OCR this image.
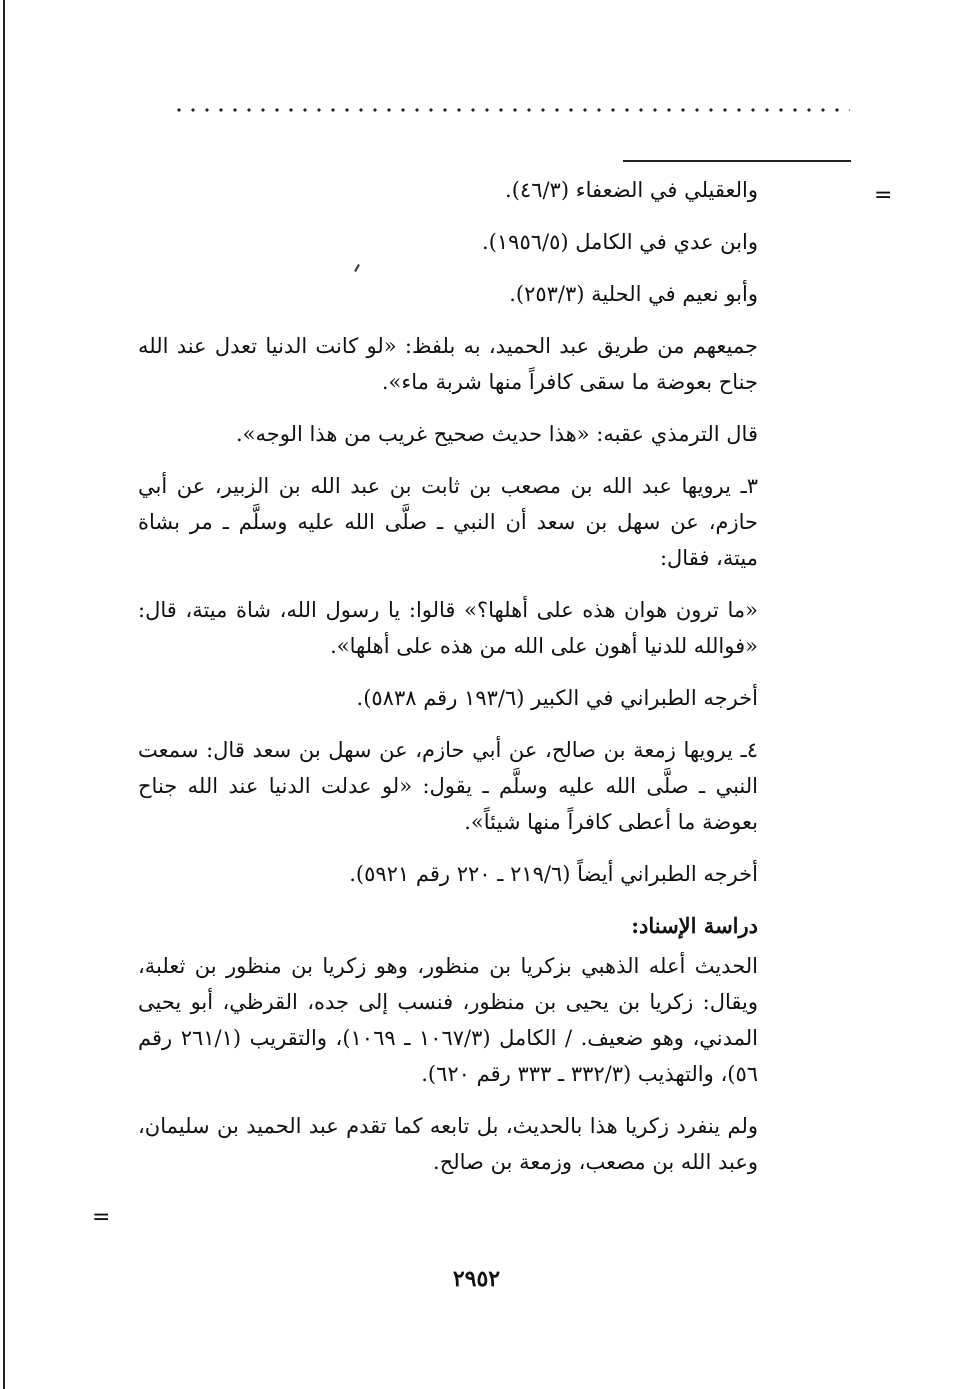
=

والعقيلي في الضعفاء (٤٦/٣).

وابن عدي في الكامل (١٩٥٦/٥).

وأبو نعيم في الحلية (٢٥٣/٣).

جميعهم من طريق عبد الحميد، به بلفظ: «لو كانت الدنيا تعدل عند الله جناح بعوضة ما سقى كافراً منها شربة ماء».

قال الترمذي عقبه: «هذا حديث صحيح غريب من هذا الوجه».

٣ـ يرويها عبد الله بن مصعب بن ثابت بن عبد الله بن الزبير، عن أبي حازم، عن سهل بن سعد أن النبي ـ صلَّى الله عليه وسلَّم ـ مر بشاة ميتة، فقال:

«ما ترون هوان هذه على أهلها؟» قالوا: يا رسول الله، شاة ميتة، قال: «فوالله للدنيا أهون على الله من هذه على أهلها».

أخرجه الطبراني في الكبير (١٩٣/٦ رقم ٥٨٣٨).

٤ـ يرويها زمعة بن صالح، عن أبي حازم، عن سهل بن سعد قال: سمعت النبي ـ صلَّى الله عليه وسلَّم ـ يقول: «لو عدلت الدنيا عند الله جناح بعوضة ما أعطى كافراً منها شيئاً».

أخرجه الطبراني أيضاً (٢١٩/٦ ـ ٢٢٠ رقم ٥٩٢١).

دراسة الإسناد:

الحديث أعله الذهبي بزكريا بن منظور، وهو زكريا بن منظور بن ثعلبة، ويقال: زكريا بن يحيى بن منظور، فنسب إلى جده، القرظي، أبو يحيى المدني، وهو ضعيف. / الكامل (١٠٦٧/٣ ـ ١٠٦٩)، والتقريب (٢٦١/١ رقم ٥٦)، والتهذيب (٣٣٢/٣ ـ ٣٣٣ رقم ٦٢٠).

ولم ينفرد زكريا هذا بالحديث، بل تابعه كما تقدم عبد الحميد بن سليمان، وعبد الله بن مصعب، وزمعة بن صالح.

=
٢٩٥٢
